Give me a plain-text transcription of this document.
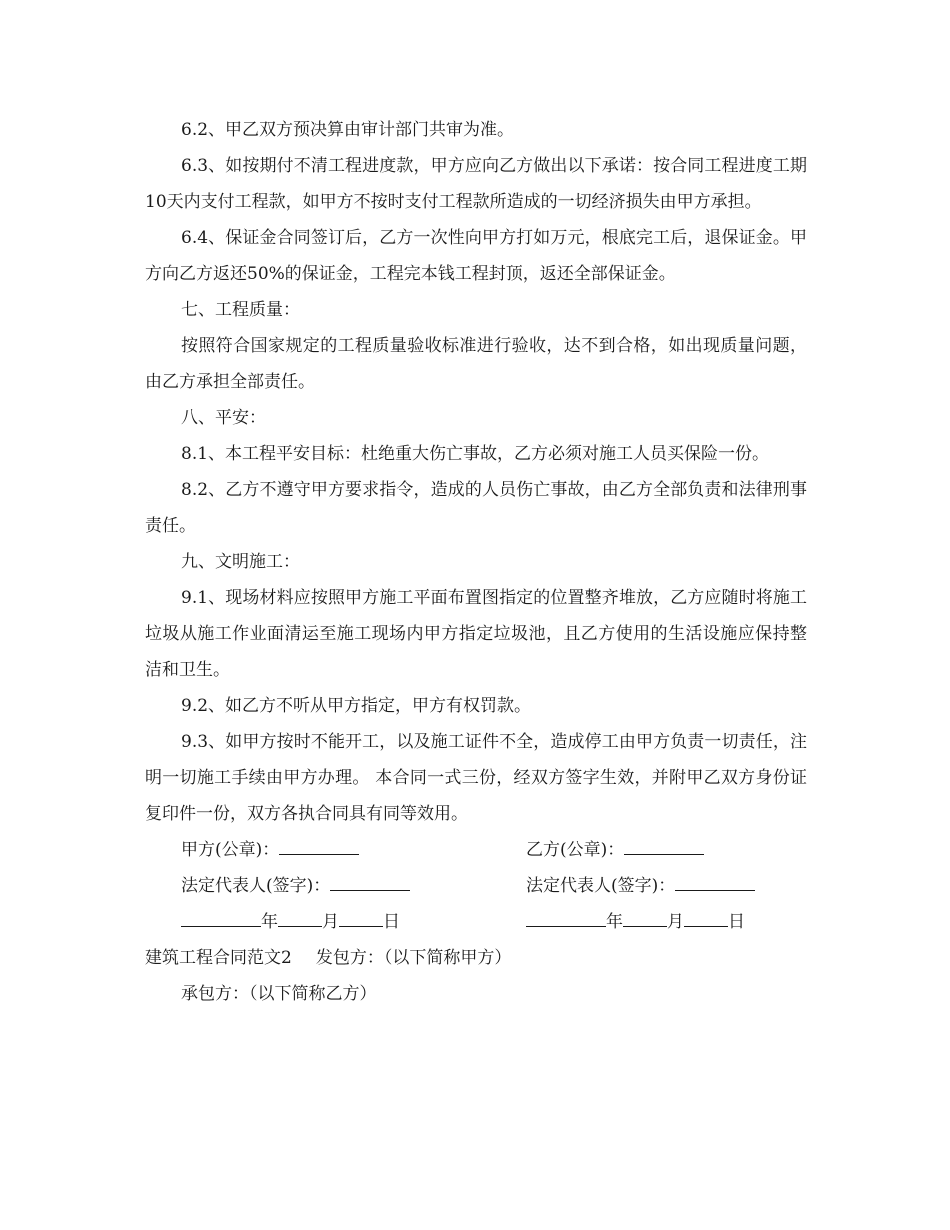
6.2、甲乙双方预决算由审计部门共审为准。

6.3、如按期付不清工程进度款，甲方应向乙方做出以下承诺：按合同工程进度工期10天内支付工程款，如甲方不按时支付工程款所造成的一切经济损失由甲方承担。

6.4、保证金合同签订后，乙方一次性向甲方打如万元，根底完工后，退保证金。甲方向乙方返还50%的保证金，工程完本钱工程封顶，返还全部保证金。

七、工程质量：

按照符合国家规定的工程质量验收标准进行验收，达不到合格，如出现质量问题，由乙方承担全部责任。

八、平安：

8.1、本工程平安目标：杜绝重大伤亡事故，乙方必须对施工人员买保险一份。

8.2、乙方不遵守甲方要求指令，造成的人员伤亡事故，由乙方全部负责和法律刑事责任。

九、文明施工：

9.1、现场材料应按照甲方施工平面布置图指定的位置整齐堆放，乙方应随时将施工垃圾从施工作业面清运至施工现场内甲方指定垃圾池，且乙方使用的生活设施应保持整洁和卫生。

9.2、如乙方不听从甲方指定，甲方有权罚款。

9.3、如甲方按时不能开工，以及施工证件不全，造成停工由甲方负责一切责任，注明一切施工手续由甲方办理。 本合同一式三份，经双方签字生效，并附甲乙双方身份证复印件一份，双方各执合同具有同等效用。

甲方(公章)：	乙方(公章)：
法定代表人(签字)：	法定代表人(签字)：
年	月	日	年	月	日
建筑工程合同范文2 发包方：（以下简称甲方）

承包方：（以下简称乙方）
